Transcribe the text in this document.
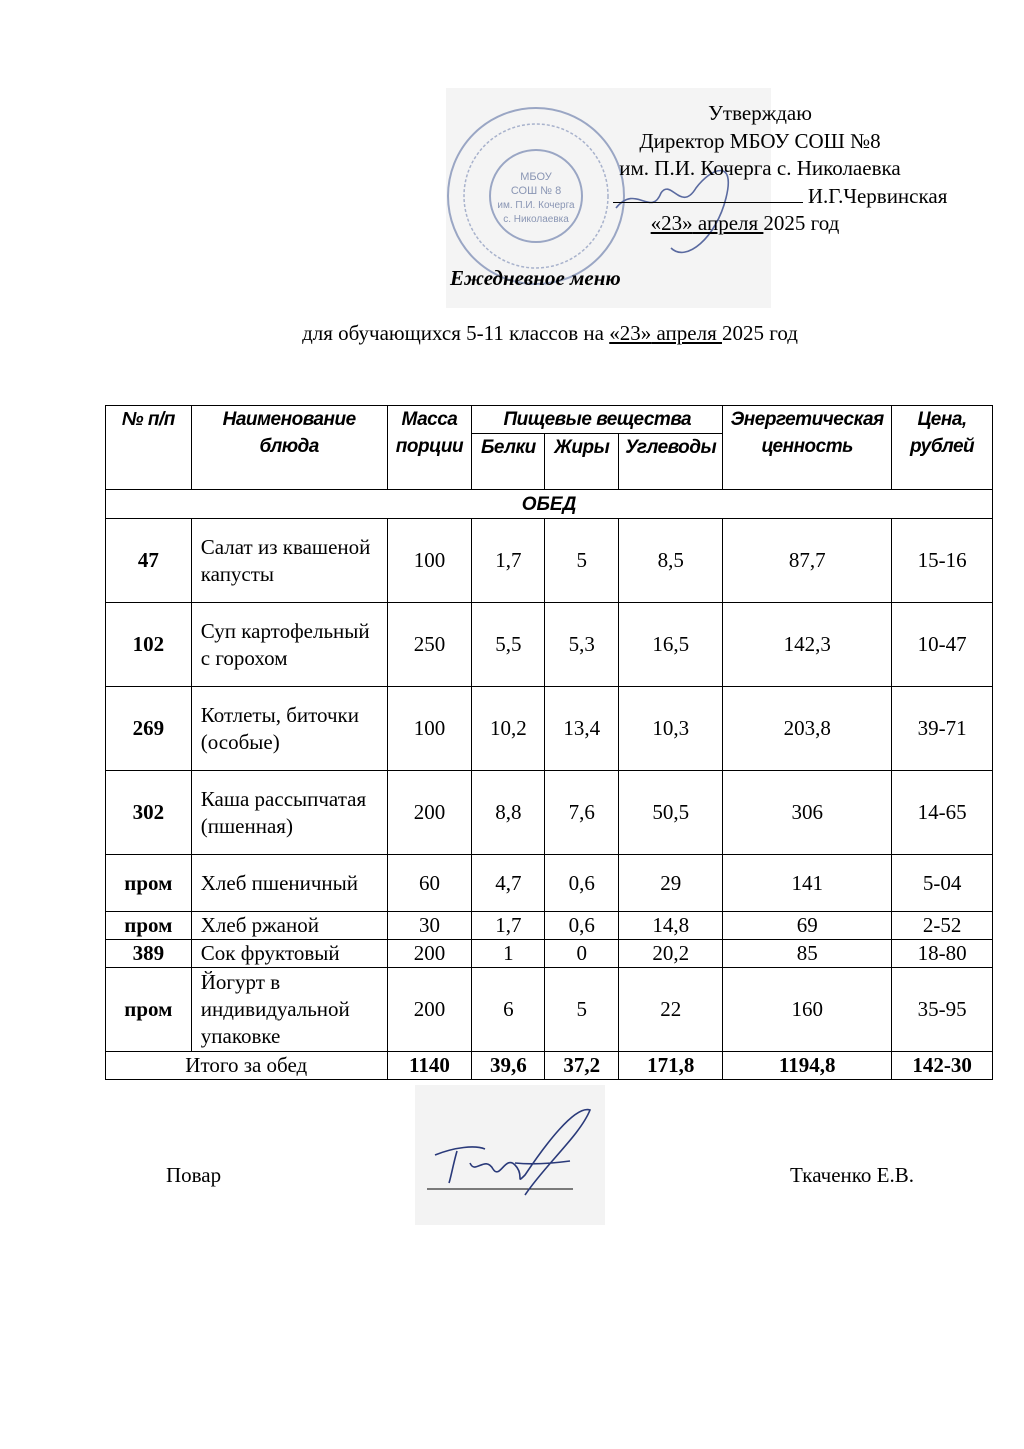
МБОУ
СОШ № 8
им. П.И. Кочерга
с. Николаевка
Утверждаю
Директор МБОУ СОШ №8
им. П.И. Кочерга с. Николаевка
И.Г.Червинская
«23» апреля 2025 год
Ежедневное меню
для обучающихся 5-11 классов на «23» апреля 2025 год
№ п/п	Наименование блюда	Масса порции	Пищевые вещества			Энергетическая ценность	Цена, рублей
			Белки	Жиры	Углеводы		
ОБЕД							
47	Салат из квашеной капусты	100	1,7	5	8,5	87,7	15-16
102	Суп картофельный с горохом	250	5,5	5,3	16,5	142,3	10-47
269	Котлеты, биточки (особые)	100	10,2	13,4	10,3	203,8	39-71
302	Каша рассыпчатая (пшенная)	200	8,8	7,6	50,5	306	14-65
пром	Хлеб пшеничный	60	4,7	0,6	29	141	5-04
пром	Хлеб ржаной	30	1,7	0,6	14,8	69	2-52
389	Сок фруктовый	200	1	0	20,2	85	18-80
пром	Йогурт в индивидуальной упаковке	200	6	5	22	160	35-95
Итого за обед		1140	39,6	37,2	171,8	1194,8	142-30
Повар	Ткаченко Е.В.
